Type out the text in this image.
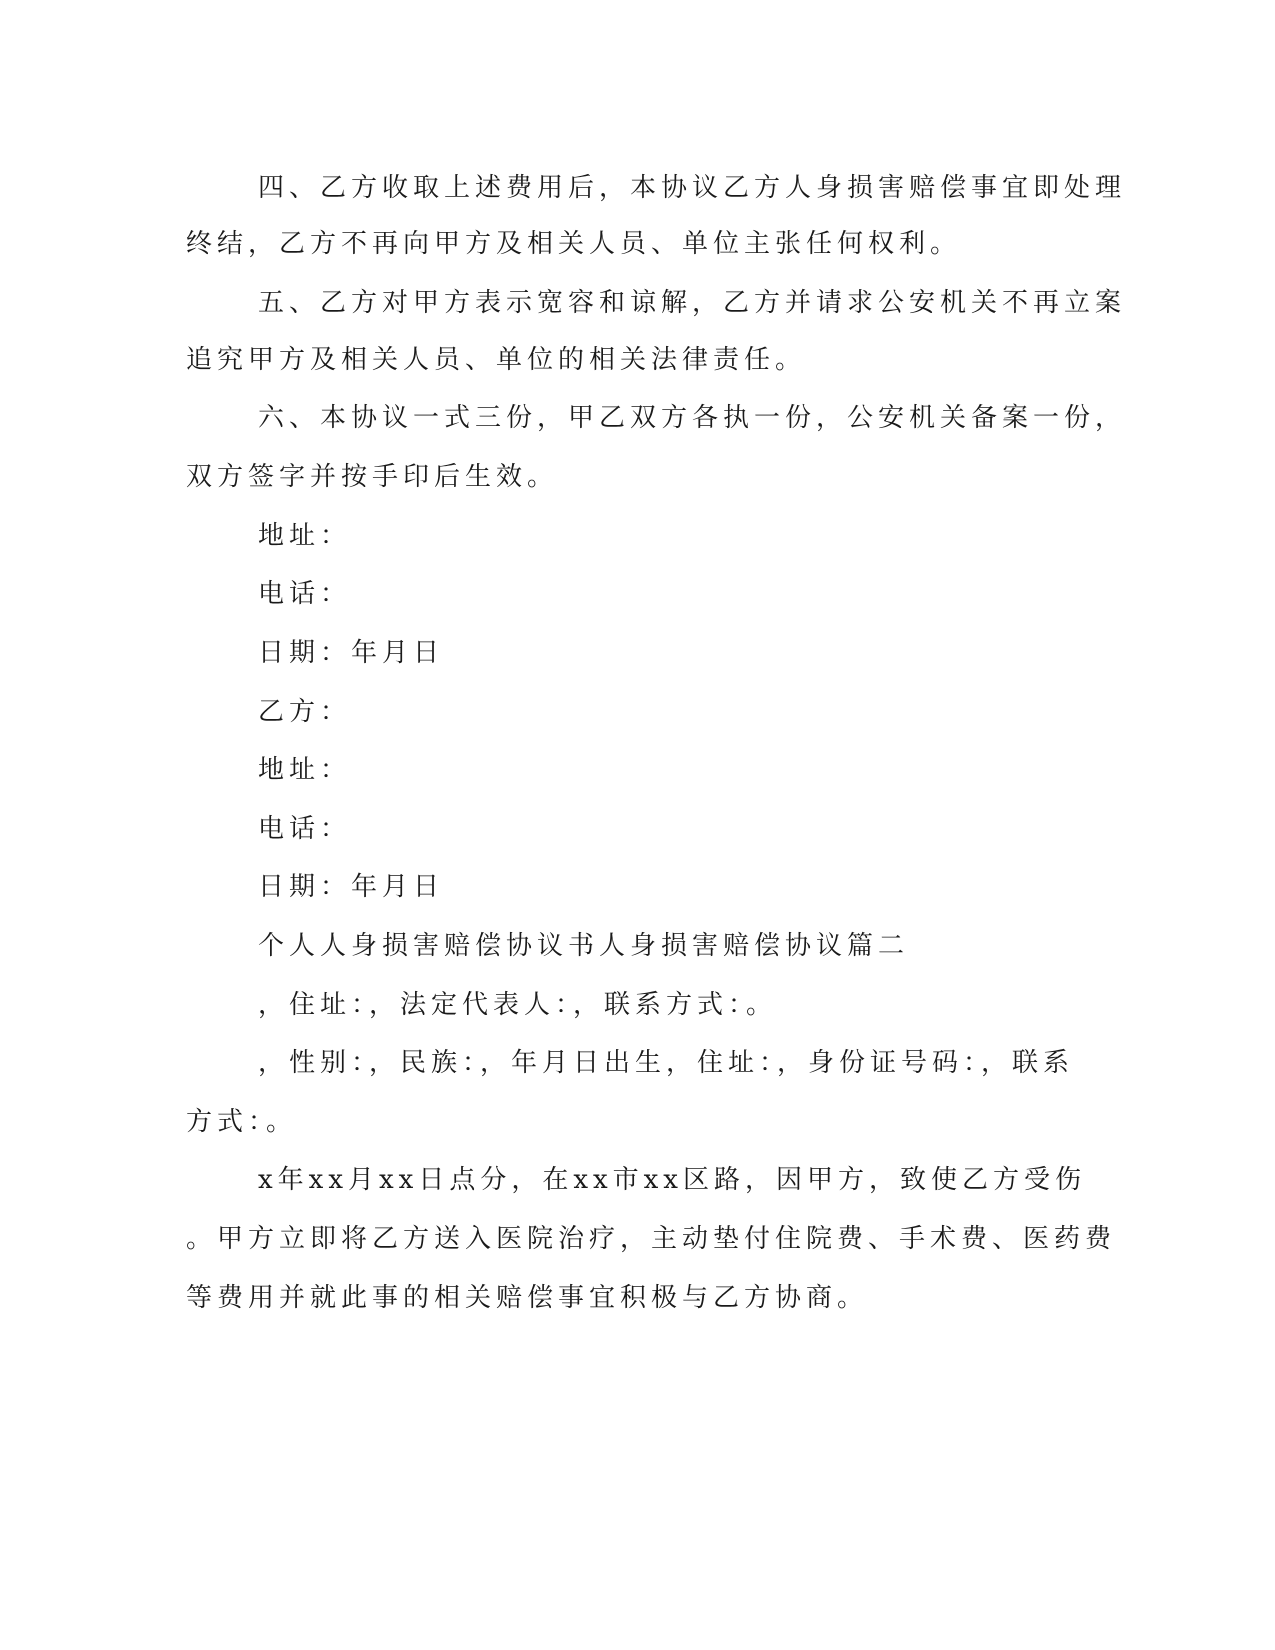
四、乙方收取上述费用后，本协议乙方人身损害赔偿事宜即处理
终结，乙方不再向甲方及相关人员、单位主张任何权利。
五、乙方对甲方表示宽容和谅解，乙方并请求公安机关不再立案
追究甲方及相关人员、单位的相关法律责任。
六、本协议一式三份，甲乙双方各执一份，公安机关备案一份，
双方签字并按手印后生效。
地址：
电话：
日期：年月日
乙方：
地址：
电话：
日期：年月日
个人人身损害赔偿协议书人身损害赔偿协议篇二
，住址：，法定代表人：，联系方式：。
，性别：，民族：，年月日出生，住址：，身份证号码：，联系
方式：。
x年xx月xx日点分，在xx市xx区路，因甲方，致使乙方受伤
。甲方立即将乙方送入医院治疗，主动垫付住院费、手术费、医药费
等费用并就此事的相关赔偿事宜积极与乙方协商。
